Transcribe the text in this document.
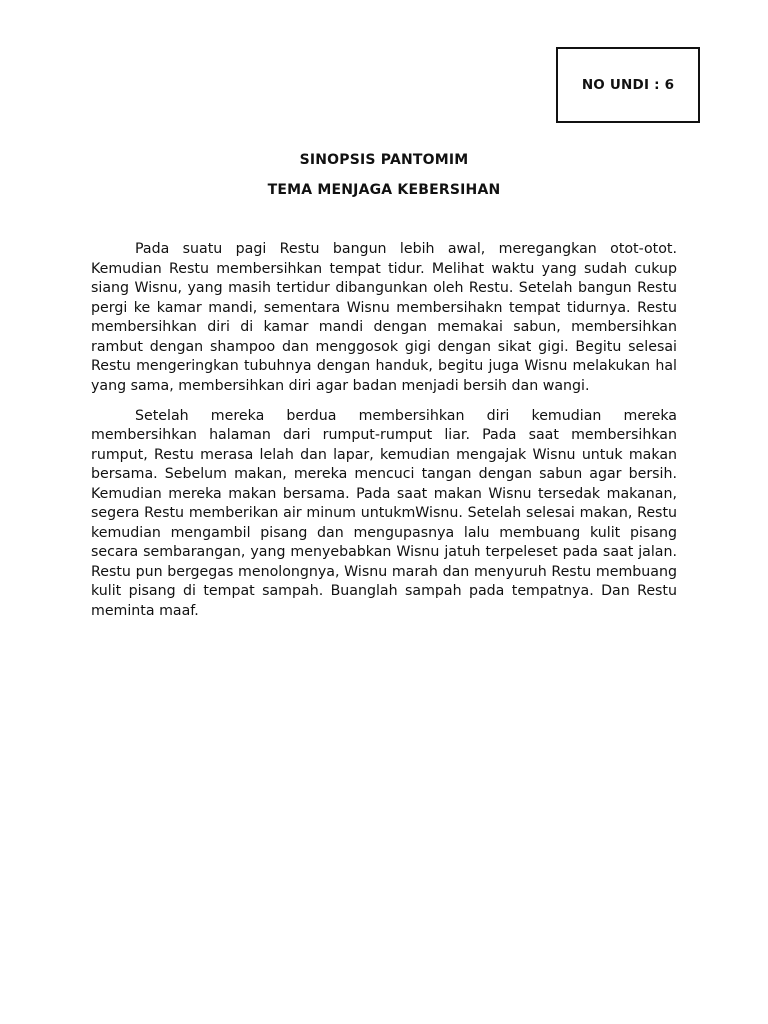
NO UNDI : 6
SINOPSIS PANTOMIM
TEMA MENJAGA KEBERSIHAN

Pada suatu pagi Restu bangun lebih awal, meregangkan otot-otot. Kemudian Restu membersihkan tempat tidur. Melihat waktu yang sudah cukup siang Wisnu, yang masih tertidur dibangunkan oleh Restu. Setelah bangun Restu pergi ke kamar mandi, sementara Wisnu membersihakn tempat tidurnya. Restu membersihkan diri di kamar mandi dengan memakai sabun, membersihkan rambut dengan shampoo dan menggosok gigi dengan sikat gigi. Begitu selesai Restu mengeringkan tubuhnya dengan handuk, begitu juga Wisnu melakukan hal yang sama, membersihkan diri agar badan menjadi bersih dan wangi.

Setelah mereka berdua membersihkan diri kemudian mereka membersihkan halaman dari rumput-rumput liar. Pada saat membersihkan rumput, Restu merasa lelah dan lapar, kemudian mengajak Wisnu untuk makan bersama. Sebelum makan, mereka mencuci tangan dengan sabun agar bersih. Kemudian mereka makan bersama. Pada saat makan Wisnu tersedak makanan, segera Restu memberikan air minum untukmWisnu. Setelah selesai makan, Restu kemudian mengambil pisang dan mengupasnya lalu membuang kulit pisang secara sembarangan, yang menyebabkan Wisnu jatuh terpeleset pada saat jalan. Restu pun bergegas menolongnya, Wisnu marah dan menyuruh Restu membuang kulit pisang di tempat sampah. Buanglah sampah pada tempatnya. Dan Restu meminta maaf.
